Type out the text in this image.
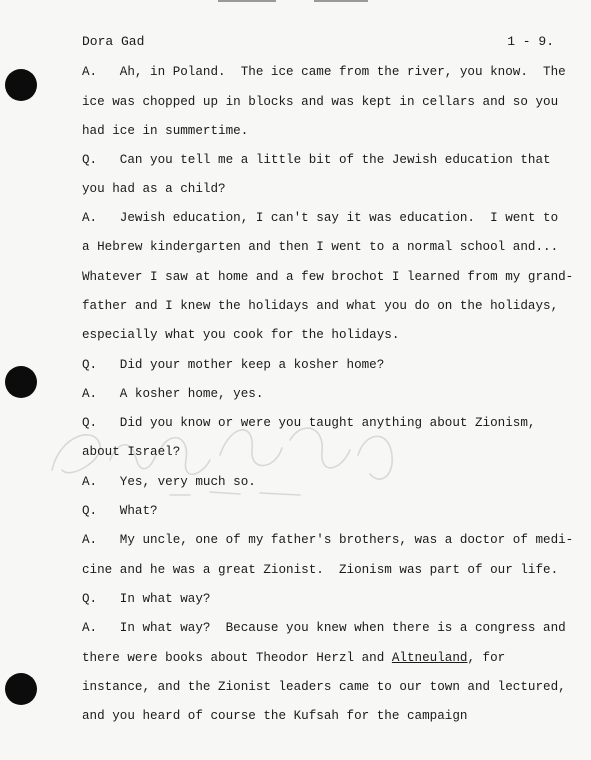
Dora Gad	1 - 9.
A.   Ah, in Poland.  The ice came from the river, you know.  The
ice was chopped up in blocks and was kept in cellars and so you
had ice in summertime.
Q.   Can you tell me a little bit of the Jewish education that
you had as a child?
A.   Jewish education, I can't say it was education.  I went to
a Hebrew kindergarten and then I went to a normal school and...
Whatever I saw at home and a few brochot I learned from my grand-
father and I knew the holidays and what you do on the holidays,
especially what you cook for the holidays.
Q.   Did your mother keep a kosher home?
A.   A kosher home, yes.
Q.   Did you know or were you taught anything about Zionism,
about Israel?
A.   Yes, very much so.
Q.   What?
A.   My uncle, one of my father's brothers, was a doctor of medi-
cine and he was a great Zionist.  Zionism was part of our life.
Q.   In what way?
A.   In what way?  Because you knew when there is a congress and
there were books about Theodor Herzl and Altneuland, for
instance, and the Zionist leaders came to our town and lectured,
and you heard of course the Kufsah for the campaign
